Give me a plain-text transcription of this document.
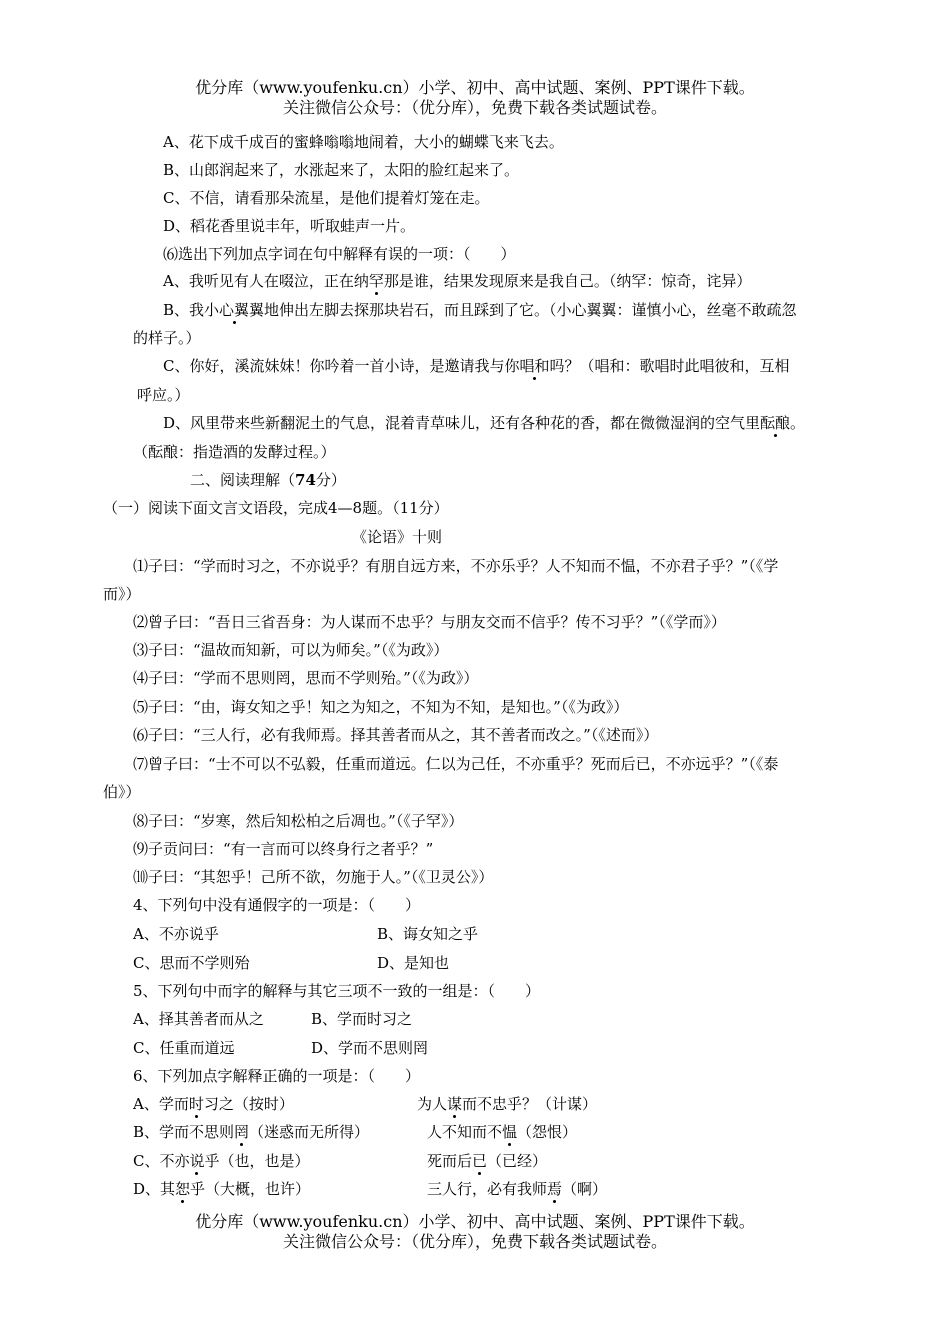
优分库（www.youfenku.cn）小学、初中、高中试题、案例、PPT课件下载。
关注微信公众号：（优分库），免费下载各类试题试卷。
A、花下成千成百的蜜蜂嗡嗡地闹着，大小的蝴蝶飞来飞去。
B、山郎润起来了，水涨起来了，太阳的脸红起来了。
C、不信，请看那朵流星，是他们提着灯笼在走。
D、稻花香里说丰年，听取蛙声一片。
⑹选出下列加点字词在句中解释有误的一项：（　　）
A、我听见有人在啜泣，正在纳罕那是谁，结果发现原来是我自己。（纳罕：惊奇，诧异）
B、我小心翼翼地伸出左脚去探那块岩石，而且踩到了它。（小心翼翼：谨慎小心，丝毫不敢疏忽
的样子。）
C、你好，溪流妹妹！你吟着一首小诗，是邀请我与你唱和吗？（唱和：歌唱时此唱彼和，互相
呼应。）
D、风里带来些新翻泥土的气息，混着青草味儿，还有各种花的香，都在微微湿润的空气里酝酿。
（酝酿：指造酒的发酵过程。）
二、阅读理解（74分）
（一）阅读下面文言文语段，完成4—8题。（11分）
《论语》十则
⑴子曰：“学而时习之，不亦说乎？有朋自远方来，不亦乐乎？人不知而不愠，不亦君子乎？”（《学
而》）
⑵曾子曰：“吾日三省吾身：为人谋而不忠乎？与朋友交而不信乎？传不习乎？”（《学而》）
⑶子曰：“温故而知新，可以为师矣。”（《为政》）
⑷子曰：“学而不思则罔，思而不学则殆。”（《为政》）
⑸子曰：“由，诲女知之乎！知之为知之，不知为不知，是知也。”（《为政》）
⑹子曰：“三人行，必有我师焉。择其善者而从之，其不善者而改之。”（《述而》）
⑺曾子曰：“士不可以不弘毅，任重而道远。仁以为己任，不亦重乎？死而后已，不亦远乎？”（《泰
伯》）
⑻子曰：“岁寒，然后知松柏之后凋也。”（《子罕》）
⑼子贡问曰：“有一言而可以终身行之者乎？”
⑽子曰：“其恕乎！己所不欲，勿施于人。”（《卫灵公》）
4、下列句中没有通假字的一项是：（　　）
A、不亦说乎	B、诲女知之乎
C、思而不学则殆	D、是知也
5、下列句中而字的解释与其它三项不一致的一组是：（　　）
A、择其善者而从之	B、学而时习之
C、任重而道远	D、学而不思则罔
6、下列加点字解释正确的一项是：（　　）
A、学而时习之（按时）	为人谋而不忠乎？（计谋）
B、学而不思则罔（迷惑而无所得）	人不知而不愠（怨恨）
C、不亦说乎（也，也是）	死而后已（已经）
D、其恕乎（大概，也许）	三人行，必有我师焉（啊）
优分库（www.youfenku.cn）小学、初中、高中试题、案例、PPT课件下载。
关注微信公众号：（优分库），免费下载各类试题试卷。
